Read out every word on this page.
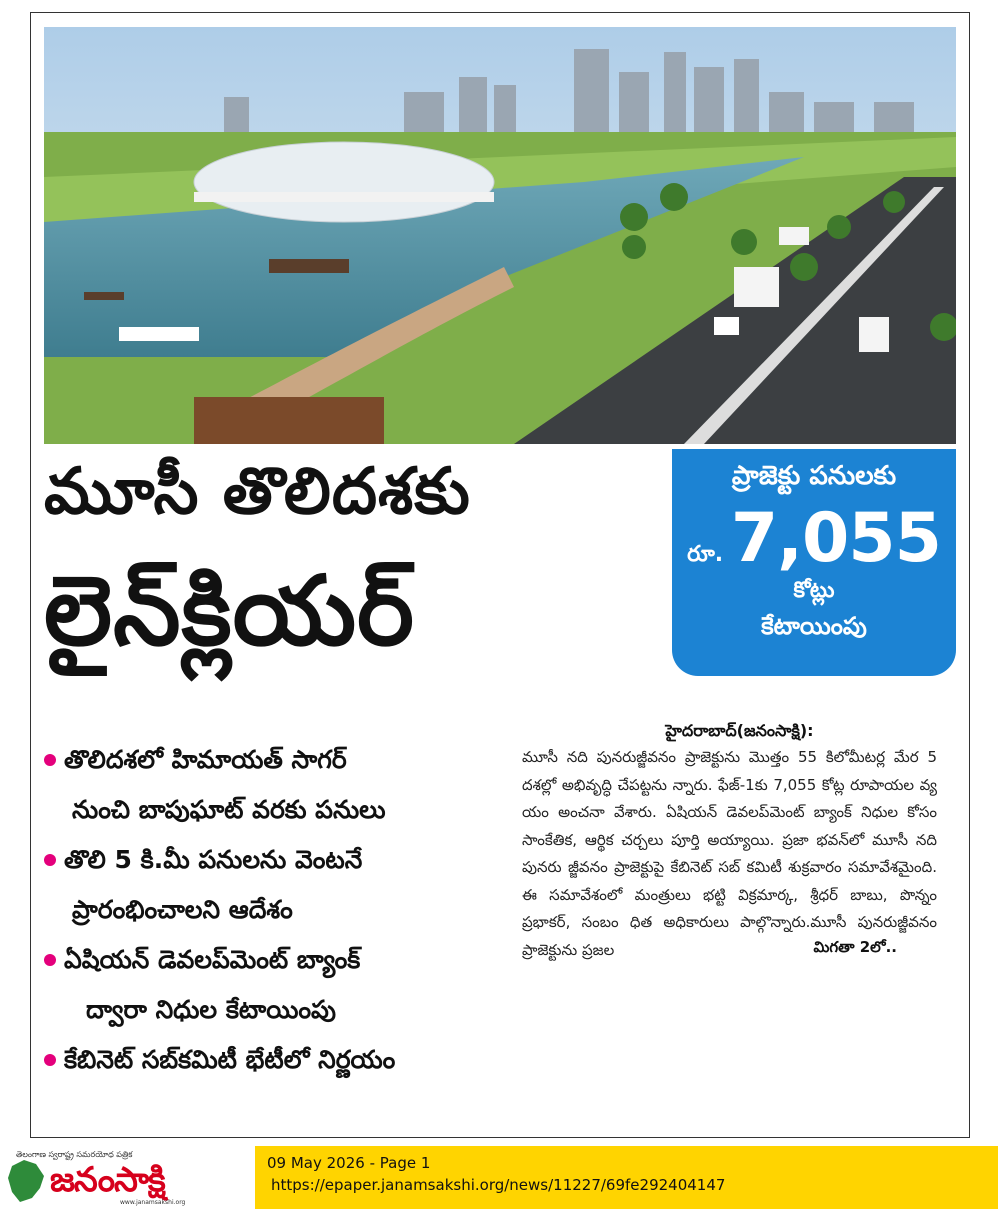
మూసీ తొలిదశకు
లైన్‌క్లియర్
ప్రాజెక్టు పనులకు
రూ. 7,055 కోట్లు
కేటాయింపు
తొలిదశలో హిమాయత్ సాగర్
నుంచి బాపుఘాట్ వరకు పనులు
తొలి 5 కి.మీ పనులను వెంటనే
ప్రారంభించాలని ఆదేశం
ఏషియన్ డెవలప్‌మెంట్ బ్యాంక్
ద్వారా నిధుల కేటాయింపు
కేబినెట్ సబ్‌కమిటీ భేటీలో నిర్ణయం
హైదరాబాద్(జనంసాక్షి):
మూసీ నది పునరుజ్జీవనం ప్రాజెక్టును మొత్తం 55 కిలోమీటర్ల మేర 5 దశల్లో అభివృద్ధి చేపట్టను న్నారు. ఫేజ్-1కు 7,055 కోట్ల రూపాయల వ్య యం అంచనా వేశారు. ఏషియన్ డెవలప్‌మెంట్ బ్యాంక్ నిధుల కోసం సాంకేతిక, ఆర్థిక చర్చలు పూర్తి అయ్యాయి. ప్రజా భవన్‌లో మూసీ నది పునరు జ్జీవనం ప్రాజెక్టుపై కేబినెట్ సబ్ కమిటీ శుక్రవారం సమావేశమైంది. ఈ సమావేశంలో మంత్రులు భట్టి విక్రమార్క, శ్రీధర్ బాబు, పొన్నం ప్రభాకర్, సంబం ధిత అధికారులు పాల్గొన్నారు.మూసీ పునరుజ్జీవనం ప్రాజెక్టును ప్రజల	మిగతా 2లో..
తెలంగాణ స్వరాష్ట్ర సమరయోధ పత్రిక
జనంసాక్షి
www.janamsakshi.org
09 May 2026 - Page 1
https://epaper.janamsakshi.org/news/11227/69fe292404147
